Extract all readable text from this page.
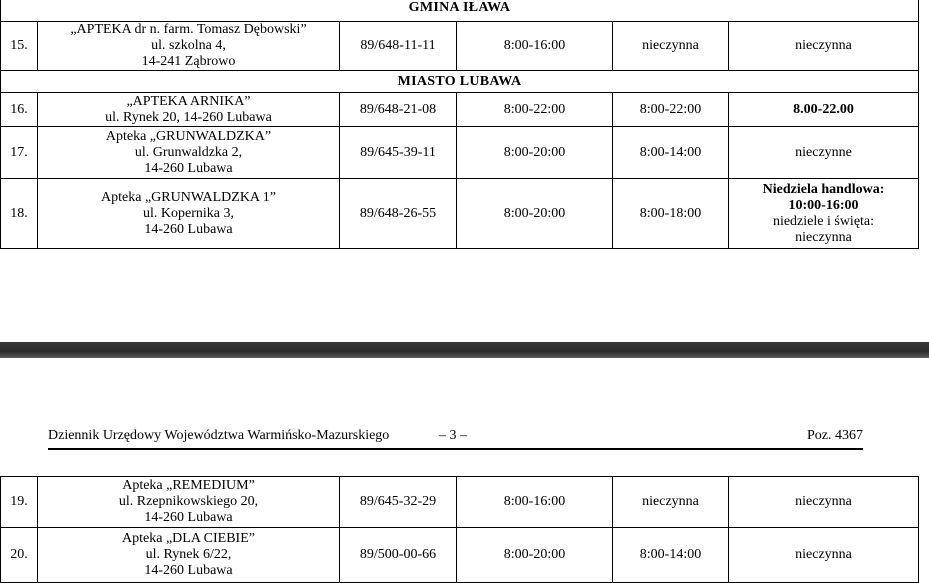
GMINA IŁAWA					
15.	„APTEKA dr n. farm. Tomasz Dębowski”
ul. szkolna 4,
14-241 Ząbrowo	89/648-11-11	8:00-16:00	nieczynna	nieczynna

MIASTO LUBAWA					
16.	„APTEKA ARNIKA”
ul. Rynek 20, 14-260 Lubawa	89/648-21-08	8:00-22:00	8:00-22:00	8.00-22.00

17.	Apteka „GRUNWALDZKA”
ul. Grunwaldzka 2,
14-260 Lubawa	89/645-39-11	8:00-20:00	8:00-14:00	nieczynne

18.	Apteka „GRUNWALDZKA 1”
ul. Kopernika 3,
14-260 Lubawa	89/648-26-55	8:00-20:00	8:00-18:00	Niedziela handlowa:
10:00-16:00
niedziele i święta:
nieczynna
Dziennik Urzędowy Województwa Warmińsko-Mazurskiego	– 3 –	Poz. 4367
19.	Apteka „REMEDIUM”
ul. Rzepnikowskiego 20,
14-260 Lubawa	89/645-32-29	8:00-16:00	nieczynna	nieczynna

20.	Apteka „DLA CIEBIE”
ul. Rynek 6/22,
14-260 Lubawa	89/500-00-66	8:00-20:00	8:00-14:00	nieczynna
